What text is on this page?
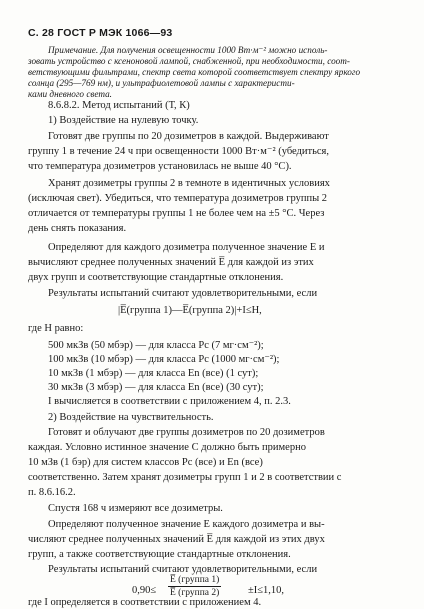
С. 28 ГОСТ Р МЭК 1066—93
Примечание. Для получения освещенности 1000 Вт·м⁻² можно исполь-
зовать устройство с ксеноновой лампой, снабженной, при необходимости, соот-
ветствующими фильтрами, спектр света которой соответствует спектру яркого
солнца (295—769 нм), и ультрафиолетовой лампы с характеристи-
ками дневного света.
8.6.8.2. Метод испытаний (Т, К)
1) Воздействие на нулевую точку.
Готовят две группы по 20 дозиметров в каждой. Выдерживают
группу 1 в течение 24 ч при освещенности 1000 Вт·м⁻² (убедиться,
что температура дозиметров установилась не выше 40 °С).
Хранят дозиметры группы 2 в темноте в идентичных условиях
(исключая свет). Убедиться, что температура дозиметров группы 2
отличается от температуры группы 1 не более чем на ±5 °С. Через
день снять показания.
Определяют для каждого дозиметра полученное значение E и
вычисляют среднее полученных значений E̅ для каждой из этих
двух групп и соответствующие стандартные отклонения.
Результаты испытаний считают удовлетворительными, если
|E̅(группа 1)—E̅(группа 2)|+I≤H,
где H равно:
500 мкЗв (50 мбэр) — для класса Pc (7 мг·см⁻²);
100 мкЗв (10 мбэр) — для класса Pc (1000 мг·см⁻²);
10 мкЗв (1 мбэр) — для класса En (все) (1 сут);
30 мкЗв (3 мбэр) — для класса En (все) (30 сут);
I вычисляется в соответствии с приложением 4, п. 2.3.
2) Воздействие на чувствительность.
Готовят и облучают две группы дозиметров по 20 дозиметров
каждая. Условно истинное значение C должно быть примерно
10 мЗв (1 бэр) для систем классов Pc (все) и En (все)
соответственно. Затем хранят дозиметры групп 1 и 2 в соответствии с
п. 8.6.16.2.
Спустя 168 ч измеряют все дозиметры.
Определяют полученное значение E каждого дозиметра и вы-
числяют среднее полученных значений E̅ для каждой из этих двух
групп, а также соответствующие стандартные отклонения.
Результаты испытаний считают удовлетворительными, если
0,90≤
E̅ (группа 1)
E̅ (группа 2)	±I≤1,10,
где I определяется в соответствии с приложением 4.
